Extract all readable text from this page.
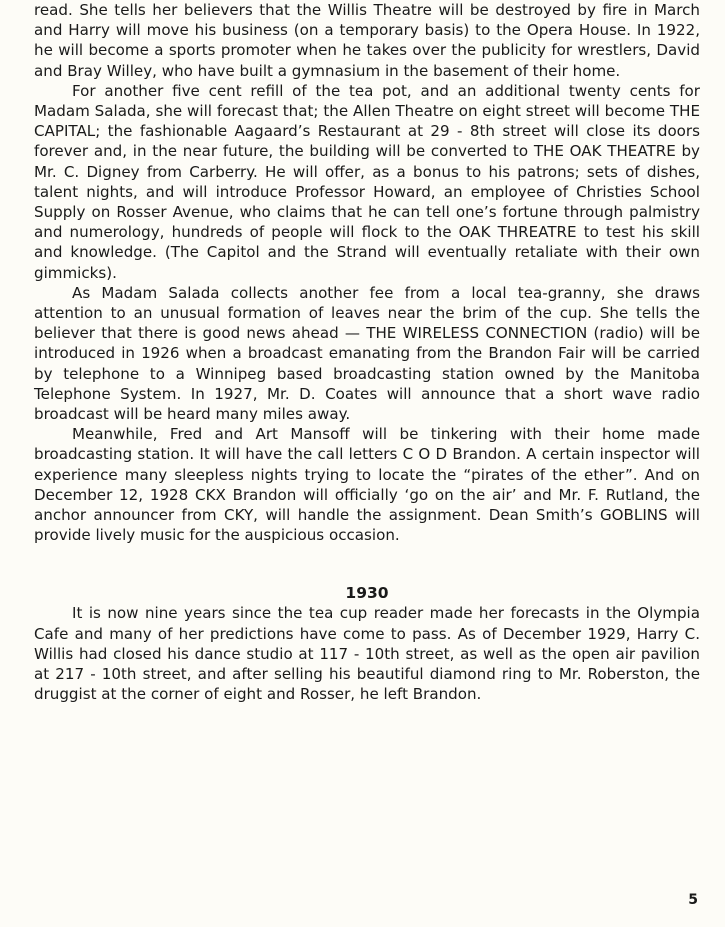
read. She tells her believers that the Willis Theatre will be destroyed by fire in March and Harry will move his business (on a temporary basis) to the Opera House. In 1922, he will become a sports promoter when he takes over the publicity for wrestlers, David and Bray Willey, who have built a gymnasium in the basement of their home.

For another five cent refill of the tea pot, and an additional twenty cents for Madam Salada, she will forecast that; the Allen Theatre on eight street will become THE CAPITAL; the fashionable Aagaard’s Restaurant at 29 - 8th street will close its doors forever and, in the near future, the building will be converted to THE OAK THEATRE by Mr. C. Digney from Carberry. He will offer, as a bonus to his patrons; sets of dishes, talent nights, and will introduce Professor Howard, an employee of Christies School Supply on Rosser Avenue, who claims that he can tell one’s fortune through palmistry and numerology, hundreds of people will flock to the OAK THREATRE to test his skill and knowledge. (The Capitol and the Strand will eventually retaliate with their own gimmicks).

As Madam Salada collects another fee from a local tea-granny, she draws attention to an unusual formation of leaves near the brim of the cup. She tells the believer that there is good news ahead — THE WIRELESS CONNECTION (radio) will be introduced in 1926 when a broadcast emanating from the Brandon Fair will be carried by telephone to a Winnipeg based broadcasting station owned by the Manitoba Telephone System. In 1927, Mr. D. Coates will announce that a short wave radio broadcast will be heard many miles away.

Meanwhile, Fred and Art Mansoff will be tinkering with their home made broadcasting station. It will have the call letters C O D Brandon. A certain inspector will experience many sleepless nights trying to locate the “pirates of the ether”. And on December 12, 1928 CKX Brandon will officially ‘go on the air’ and Mr. F. Rutland, the anchor announcer from CKY, will handle the assignment. Dean Smith’s GOBLINS will provide lively music for the auspicious occasion.

1930

It is now nine years since the tea cup reader made her forecasts in the Olympia Cafe and many of her predictions have come to pass. As of December 1929, Harry C. Willis had closed his dance studio at 117 - 10th street, as well as the open air pavilion at 217 - 10th street, and after selling his beautiful diamond ring to Mr. Roberston, the druggist at the corner of eight and Rosser, he left Brandon.

5
